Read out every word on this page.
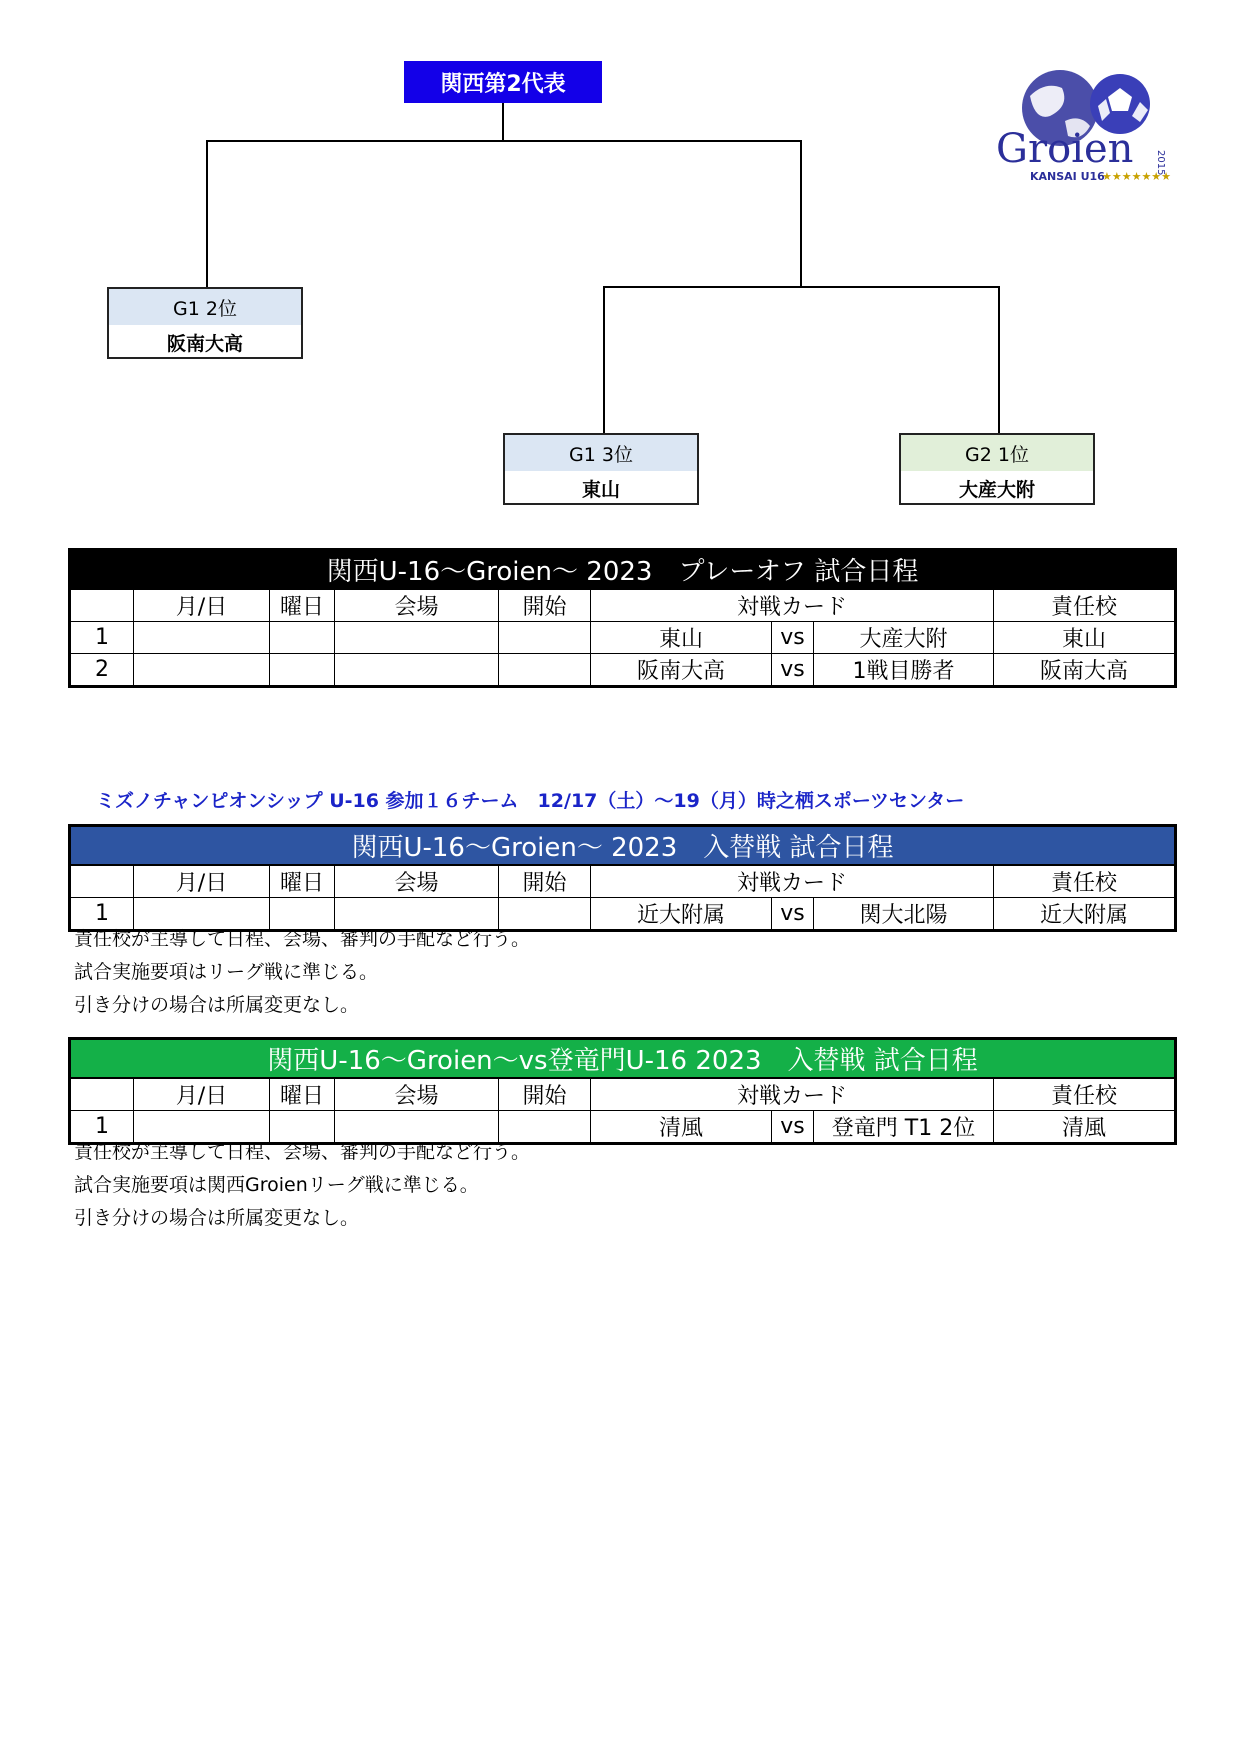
関西第2代表
G1 2位
阪南大高
G1 3位
東山
G2 1位
大産大附
Groien
KANSAI U16
★★★★★★★
2015
関西U-16～Groien～ 2023　プレーオフ 試合日程								
	月/日	曜日	会場	開始	対戦カード			責任校
1					東山	vs	大産大附	東山
2					阪南大高	vs	1戦目勝者	阪南大高
ミズノチャンピオンシップ U-16 参加１６チーム　12/17（土）～19（月）時之栖スポーツセンター
関西U-16～Groien～ 2023　入替戦 試合日程								
	月/日	曜日	会場	開始	対戦カード			責任校
1					近大附属	vs	関大北陽	近大附属
責任校が主導して日程、会場、審判の手配など行う。
試合実施要項はリーグ戦に準じる。
引き分けの場合は所属変更なし。
関西U-16～Groien～vs登竜門U-16 2023　入替戦 試合日程								
	月/日	曜日	会場	開始	対戦カード			責任校
1					清風	vs	登竜門 T1 2位	清風
責任校が主導して日程、会場、審判の手配など行う。
試合実施要項は関西Groienリーグ戦に準じる。
引き分けの場合は所属変更なし。
